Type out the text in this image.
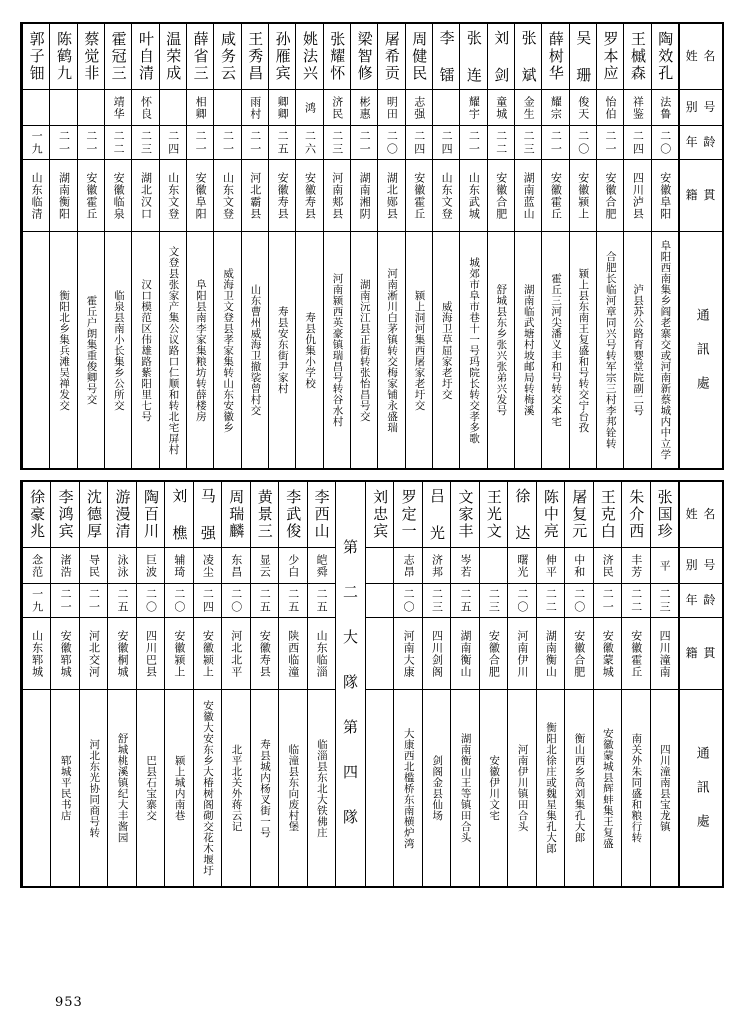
姓 名
别 号
年 龄
籍 貫
通 訊 處
陶效孔
法鲁
二〇
安徽阜阳
阜阳西南集乡阎老寨交或河南新蔡城内中立学
王槭森
祥鉴
二四
四川泸县
泸县苏公路育婴堂院副二号
罗本应
怡伯
二一
安徽合肥
合肥长临河章同兴号转军宗三村李邦铨转
吴 珊
俊天
二〇
安徽颍上
颍上县东南王复盛和号转交宁台孜
薛树华
耀宗
二一
安徽霍丘
霍丘三河尖潘义丰和号转交本宅
张 斌
金生
二三
湖南蓝山
湖南临武塘村坡邮局转梅溪
刘 剑
童城
二二
安徽合肥
舒城县东乡张兴张弟兴发号
张 连
耀宇
二一
山东武城
城郊市阜市巷十一号玛院长转交孝多歌
李 镭
二四
山东文登
威海卫草屈家老圩交
周健民
志强
二四
安徽霍丘
颍上洞河集西屠家老圩交
屠希贡
明田
二〇
湖北郧县
河南淅川白茅镇转交梅家铺永盛瑞
梁智修
彬惠
二一
湖南湘阴
湖南沅江县正街转张怡昌号交
张耀怀
济民
二三
河南郏县
河南颍西英豪镇瑞昌号转谷水村
姚法兴
鸿
二六
安徽寿县
寿县仇集小学校
孙雁宾
卿卿
二五
安徽寿县
寿县安东街尹家村
王秀昌
雨村
二一
河北霸县
山东曹州威海卫撤裟曾村交
咸务云
二一
山东文登
威海卫文登县孝家集转山东安徽乡
薛省三
相卿
二一
安徽阜阳
阜阳县南李家集粮坊转薛楼房
温荣成
二四
山东文登
文登县张家产集公议路口仁顺和转北宅屏村
叶自清
怀良
二三
湖北汉口
汉口模范区伟雄路紫阳里七号
霍冠三
靖华
二二
安徽临泉
临泉县南小长集乡公所交
蔡觉非
二一
安徽霍丘
霍丘户朗集重俊卿号交
陈鹤九
二一
湖南衡阳
衡阳北乡集兵滩吴禅发交
郭子钿
一九
山东临清
姓 名
别 号
年 龄
籍 貫
通 訊 處
张国珍
平
二三
四川潼南
四川潼南县宝龙镇
朱介西
丰芳
二二
安徽霍丘
南关外朱同盛和粮行转
王克白
济民
二一
安徽蒙城
安徽蒙城县辉蚌集王复盛
屠复元
中和
二〇
安徽合肥
衡山西乡高刘集孔大郎
陈中亮
伸平
二二
湖南衡山
衡阳北徐庄或魏星集孔大郎
徐 达
曙光
二〇
河南伊川
河南伊川镇田合头
王光文
二三
安徽合肥
安徽伊川文宅
文家丰
岑若
二五
湖南衡山
湖南衡山王等镇田合头
吕 光
济邦
二三
四川剑阁
剑阁金县仙场
罗定一
志昂
二〇
河南大康
大康西北槛桥东南横炉湾
刘忠宾
第 二 大 隊 第 四 隊
李西山
皑舜
二五
山东临淄
临淄县东北大铁佛庄
李武俊
少白
二五
陕西临潼
临潼县东向废村堡
黄景三
显云
二五
安徽寿县
寿县城内杨叉街一号
周瑞麟
东昌
二〇
河北北平
北平北关外蒋云记
马 强
凌尘
二四
安徽颍上
安徽大安东乡大椿树阁砌交花木堰圩
刘 樵
辅琦
二〇
安徽颍上
颍上城内南巷
陶百川
巨波
二〇
四川巴县
巴县石宝寨交
游漫清
泳泳
二五
安徽桐城
舒城桃溪镇纪大丰酱园
沈德厚
导民
二一
河北交河
河北东光协同商号转
李鸿宾
渚浩
二一
安徽郓城
郓城平民书店
徐豪兆
念范
一九
山东郓城
953
